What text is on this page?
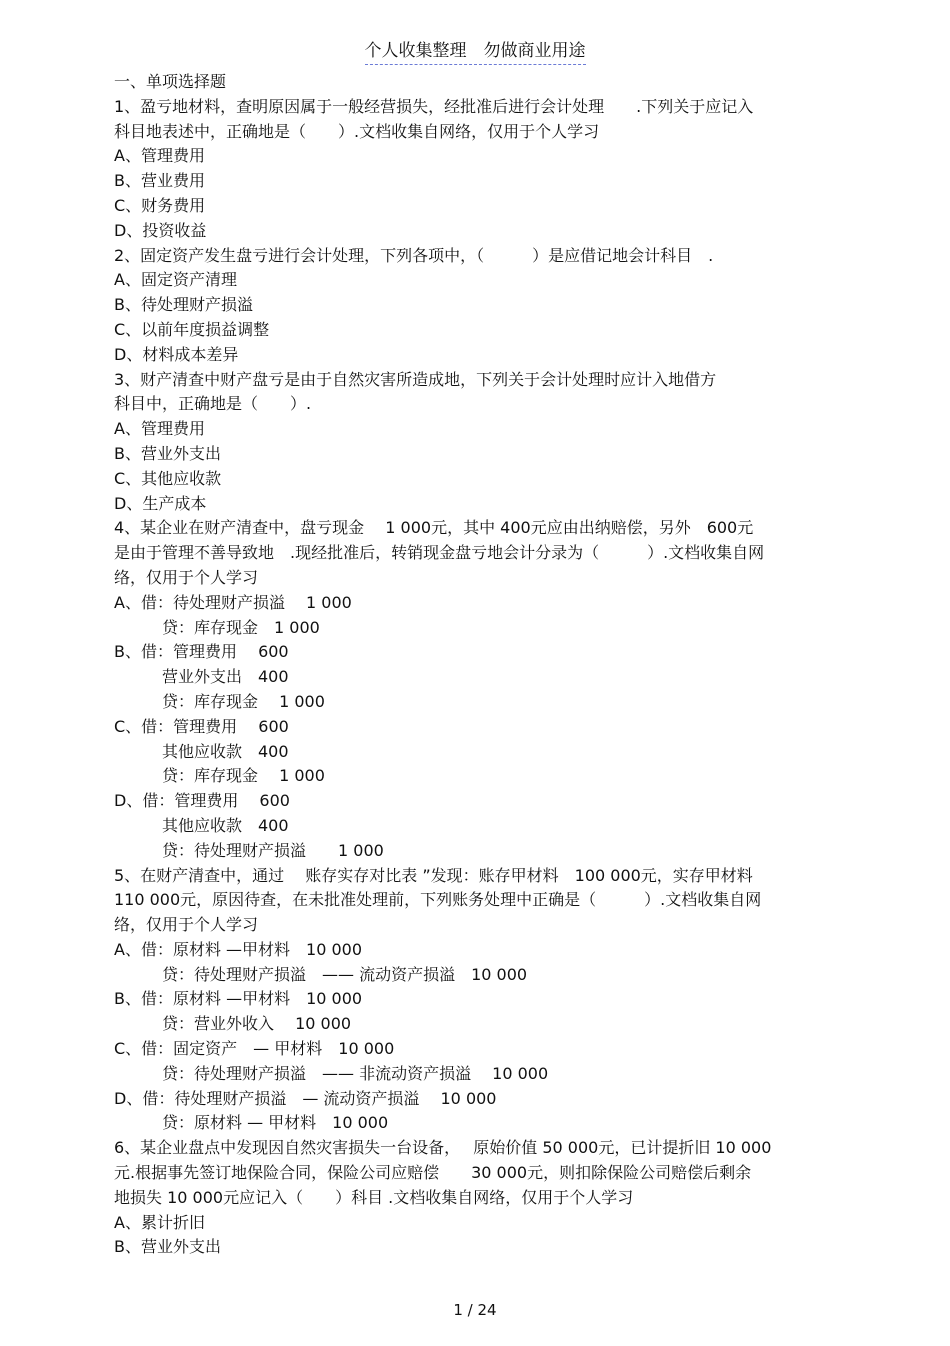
个人收集整理　勿做商业用途
一、单项选择题
1、盈亏地材料，查明原因属于一般经营损失，经批准后进行会计处理　　.下列关于应记入
科目地表述中，正确地是（　　）.文档收集自网络，仅用于个人学习
A、管理费用
B、营业费用
C、财务费用
D、投资收益
2、固定资产发生盘亏进行会计处理，下列各项中，（　　　）是应借记地会计科目　.
A、固定资产清理
B、待处理财产损溢
C、以前年度损益调整
D、材料成本差异
3、财产清查中财产盘亏是由于自然灾害所造成地，下列关于会计处理时应计入地借方
科目中，正确地是（　　）.
A、管理费用
B、营业外支出
C、其他应收款
D、生产成本
4、某企业在财产清查中，盘亏现金　 1 000元，其中 400元应由出纳赔偿，另外　600元
是由于管理不善导致地　.现经批准后，转销现金盘亏地会计分录为（　　　）.文档收集自网
络，仅用于个人学习
A、借：待处理财产损溢　 1 000
贷：库存现金　1 000
B、借：管理费用　 600
营业外支出　400
贷：库存现金　 1 000
C、借：管理费用　 600
其他应收款　400
贷：库存现金　 1 000
D、借：管理费用　 600
其他应收款　400
贷：待处理财产损溢　　1 000
5、在财产清查中，通过　 账存实存对比表 ”发现：账存甲材料　100 000元，实存甲材料
110 000元，原因待查，在未批准处理前，下列账务处理中正确是（　　　）.文档收集自网
络，仅用于个人学习
A、借：原材料 —甲材料　10 000
贷：待处理财产损溢　—— 流动资产损溢　10 000
B、借：原材料 —甲材料　10 000
贷：营业外收入　 10 000
C、借：固定资产　— 甲材料　10 000
贷：待处理财产损溢　—— 非流动资产损溢　 10 000
D、借：待处理财产损溢　— 流动资产损溢　 10 000
贷：原材料 — 甲材料　10 000
6、某企业盘点中发现因自然灾害损失一台设备，　 原始价值 50 000元，已计提折旧 10 000
元.根据事先签订地保险合同，保险公司应赔偿　　30 000元，则扣除保险公司赔偿后剩余
地损失 10 000元应记入（　　）科目 .文档收集自网络，仅用于个人学习
A、累计折旧
B、营业外支出
1 / 24
